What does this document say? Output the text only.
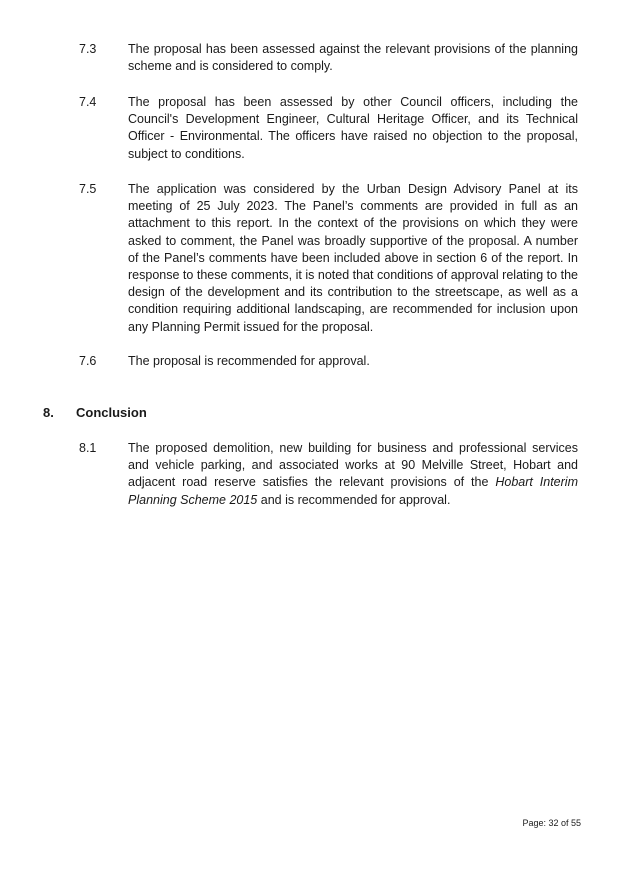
7.3	The proposal has been assessed against the relevant provisions of the planning scheme and is considered to comply.
7.4	The proposal has been assessed by other Council officers, including the Council's Development Engineer, Cultural Heritage Officer, and its Technical Officer - Environmental. The officers have raised no objection to the proposal, subject to conditions.
7.5	The application was considered by the Urban Design Advisory Panel at its meeting of 25 July 2023. The Panel’s comments are provided in full as an attachment to this report. In the context of the provisions on which they were asked to comment, the Panel was broadly supportive of the proposal. A number of the Panel’s comments have been included above in section 6 of the report. In response to these comments, it is noted that conditions of approval relating to the design of the development and its contribution to the streetscape, as well as a condition requiring additional landscaping, are recommended for inclusion upon any Planning Permit issued for the proposal.
7.6	The proposal is recommended for approval.
8. Conclusion
8.1	The proposed demolition, new building for business and professional services and vehicle parking, and associated works at 90 Melville Street, Hobart and adjacent road reserve satisfies the relevant provisions of the Hobart Interim Planning Scheme 2015 and is recommended for approval.
Page: 32 of 55
